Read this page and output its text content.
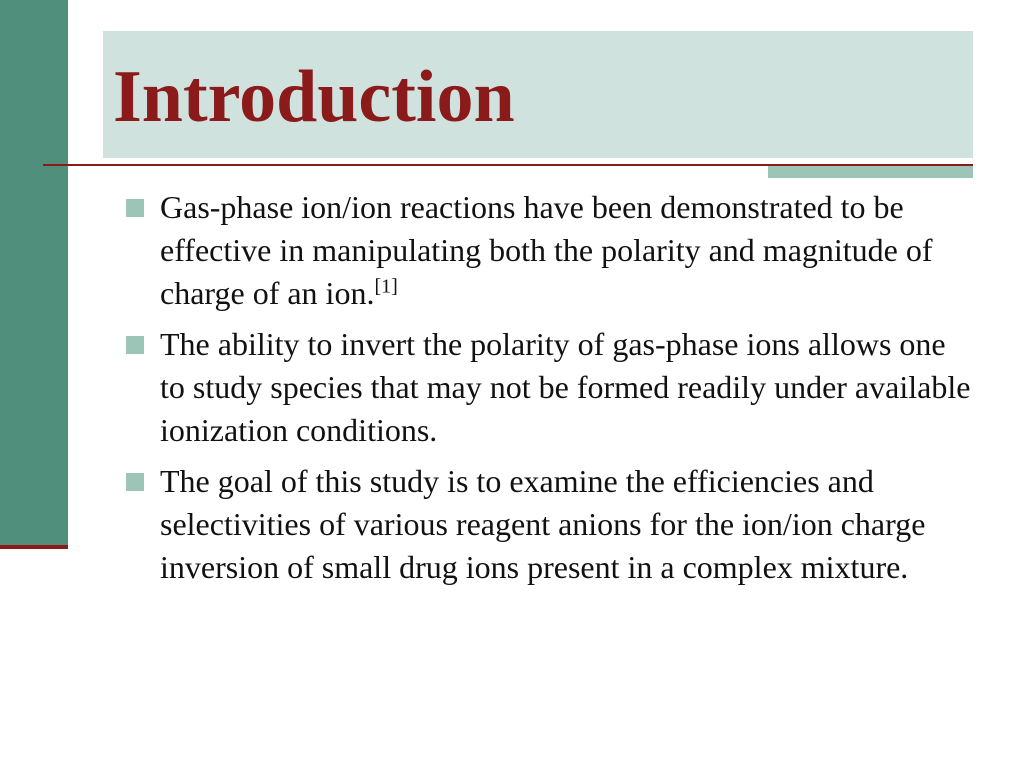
Introduction
Gas-phase ion/ion reactions have been demonstrated to be effective in manipulating both the polarity and magnitude of charge of an ion.[1]
The ability to invert the polarity of gas-phase ions allows one to study species that may not be formed readily under available ionization conditions.
The goal of this study is to examine the efficiencies and selectivities of various reagent anions for the ion/ion charge inversion of small drug ions present in a complex mixture.
